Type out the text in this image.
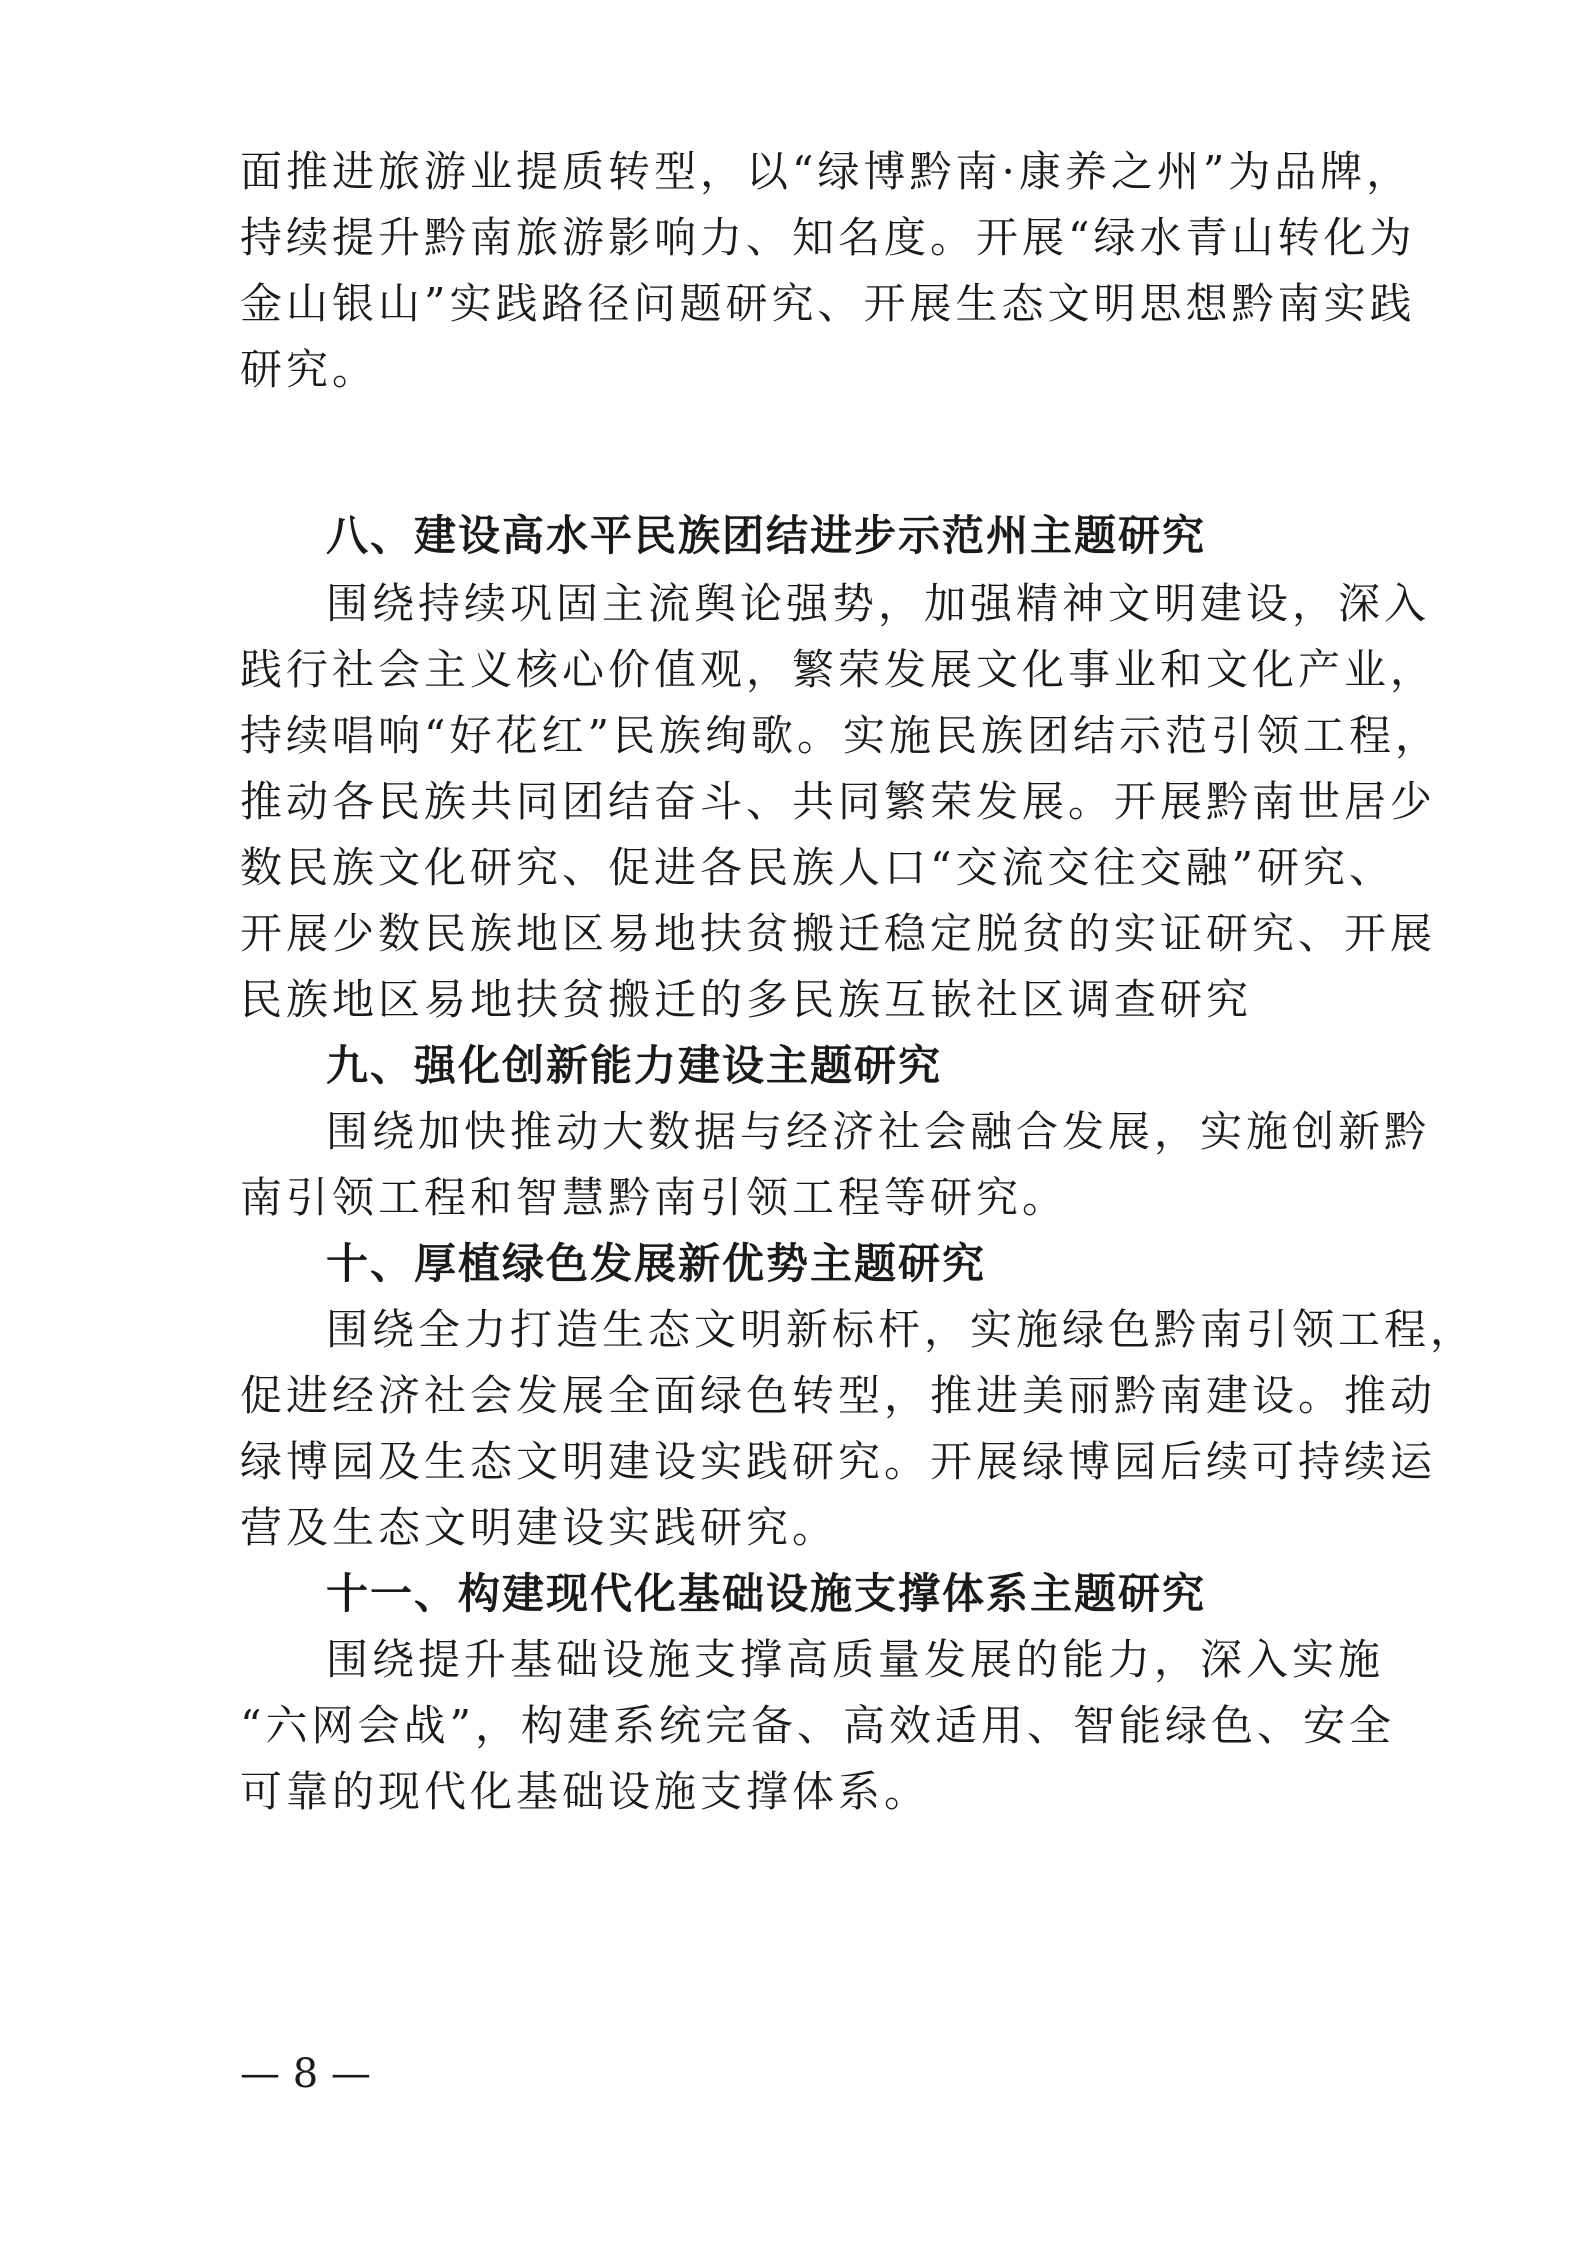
面推进旅游业提质转型，以“绿博黔南·康养之州”为品牌，
持续提升黔南旅游影响力、知名度。开展“绿水青山转化为
金山银山”实践路径问题研究、开展生态文明思想黔南实践
研究。
八、建设高水平民族团结进步示范州主题研究
围绕持续巩固主流舆论强势，加强精神文明建设，深入
践行社会主义核心价值观，繁荣发展文化事业和文化产业，
持续唱响“好花红”民族绚歌。实施民族团结示范引领工程，
推动各民族共同团结奋斗、共同繁荣发展。开展黔南世居少
数民族文化研究、促进各民族人口“交流交往交融”研究、
开展少数民族地区易地扶贫搬迁稳定脱贫的实证研究、开展
民族地区易地扶贫搬迁的多民族互嵌社区调查研究
九、强化创新能力建设主题研究
围绕加快推动大数据与经济社会融合发展，实施创新黔
南引领工程和智慧黔南引领工程等研究。
十、厚植绿色发展新优势主题研究
围绕全力打造生态文明新标杆，实施绿色黔南引领工程，
促进经济社会发展全面绿色转型，推进美丽黔南建设。推动
绿博园及生态文明建设实践研究。开展绿博园后续可持续运
营及生态文明建设实践研究。
十一、构建现代化基础设施支撑体系主题研究
围绕提升基础设施支撑高质量发展的能力，深入实施
“六网会战”，构建系统完备、高效适用、智能绿色、安全
可靠的现代化基础设施支撑体系。
— 8 —
